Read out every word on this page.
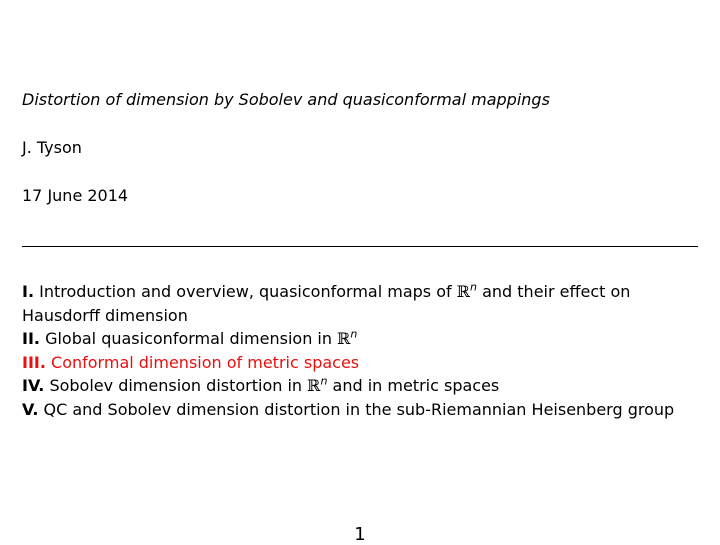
Distortion of dimension by Sobolev and quasiconformal mappings
J. Tyson
17 June 2014
I. Introduction and overview, quasiconformal maps of ℝ$^n$ and their effect on Hausdorff dimension
II. Global quasiconformal dimension in ℝ$^n$
III. Conformal dimension of metric spaces
IV. Sobolev dimension distortion in ℝ$^n$ and in metric spaces
V. QC and Sobolev dimension distortion in the sub-Riemannian Heisenberg group
1
